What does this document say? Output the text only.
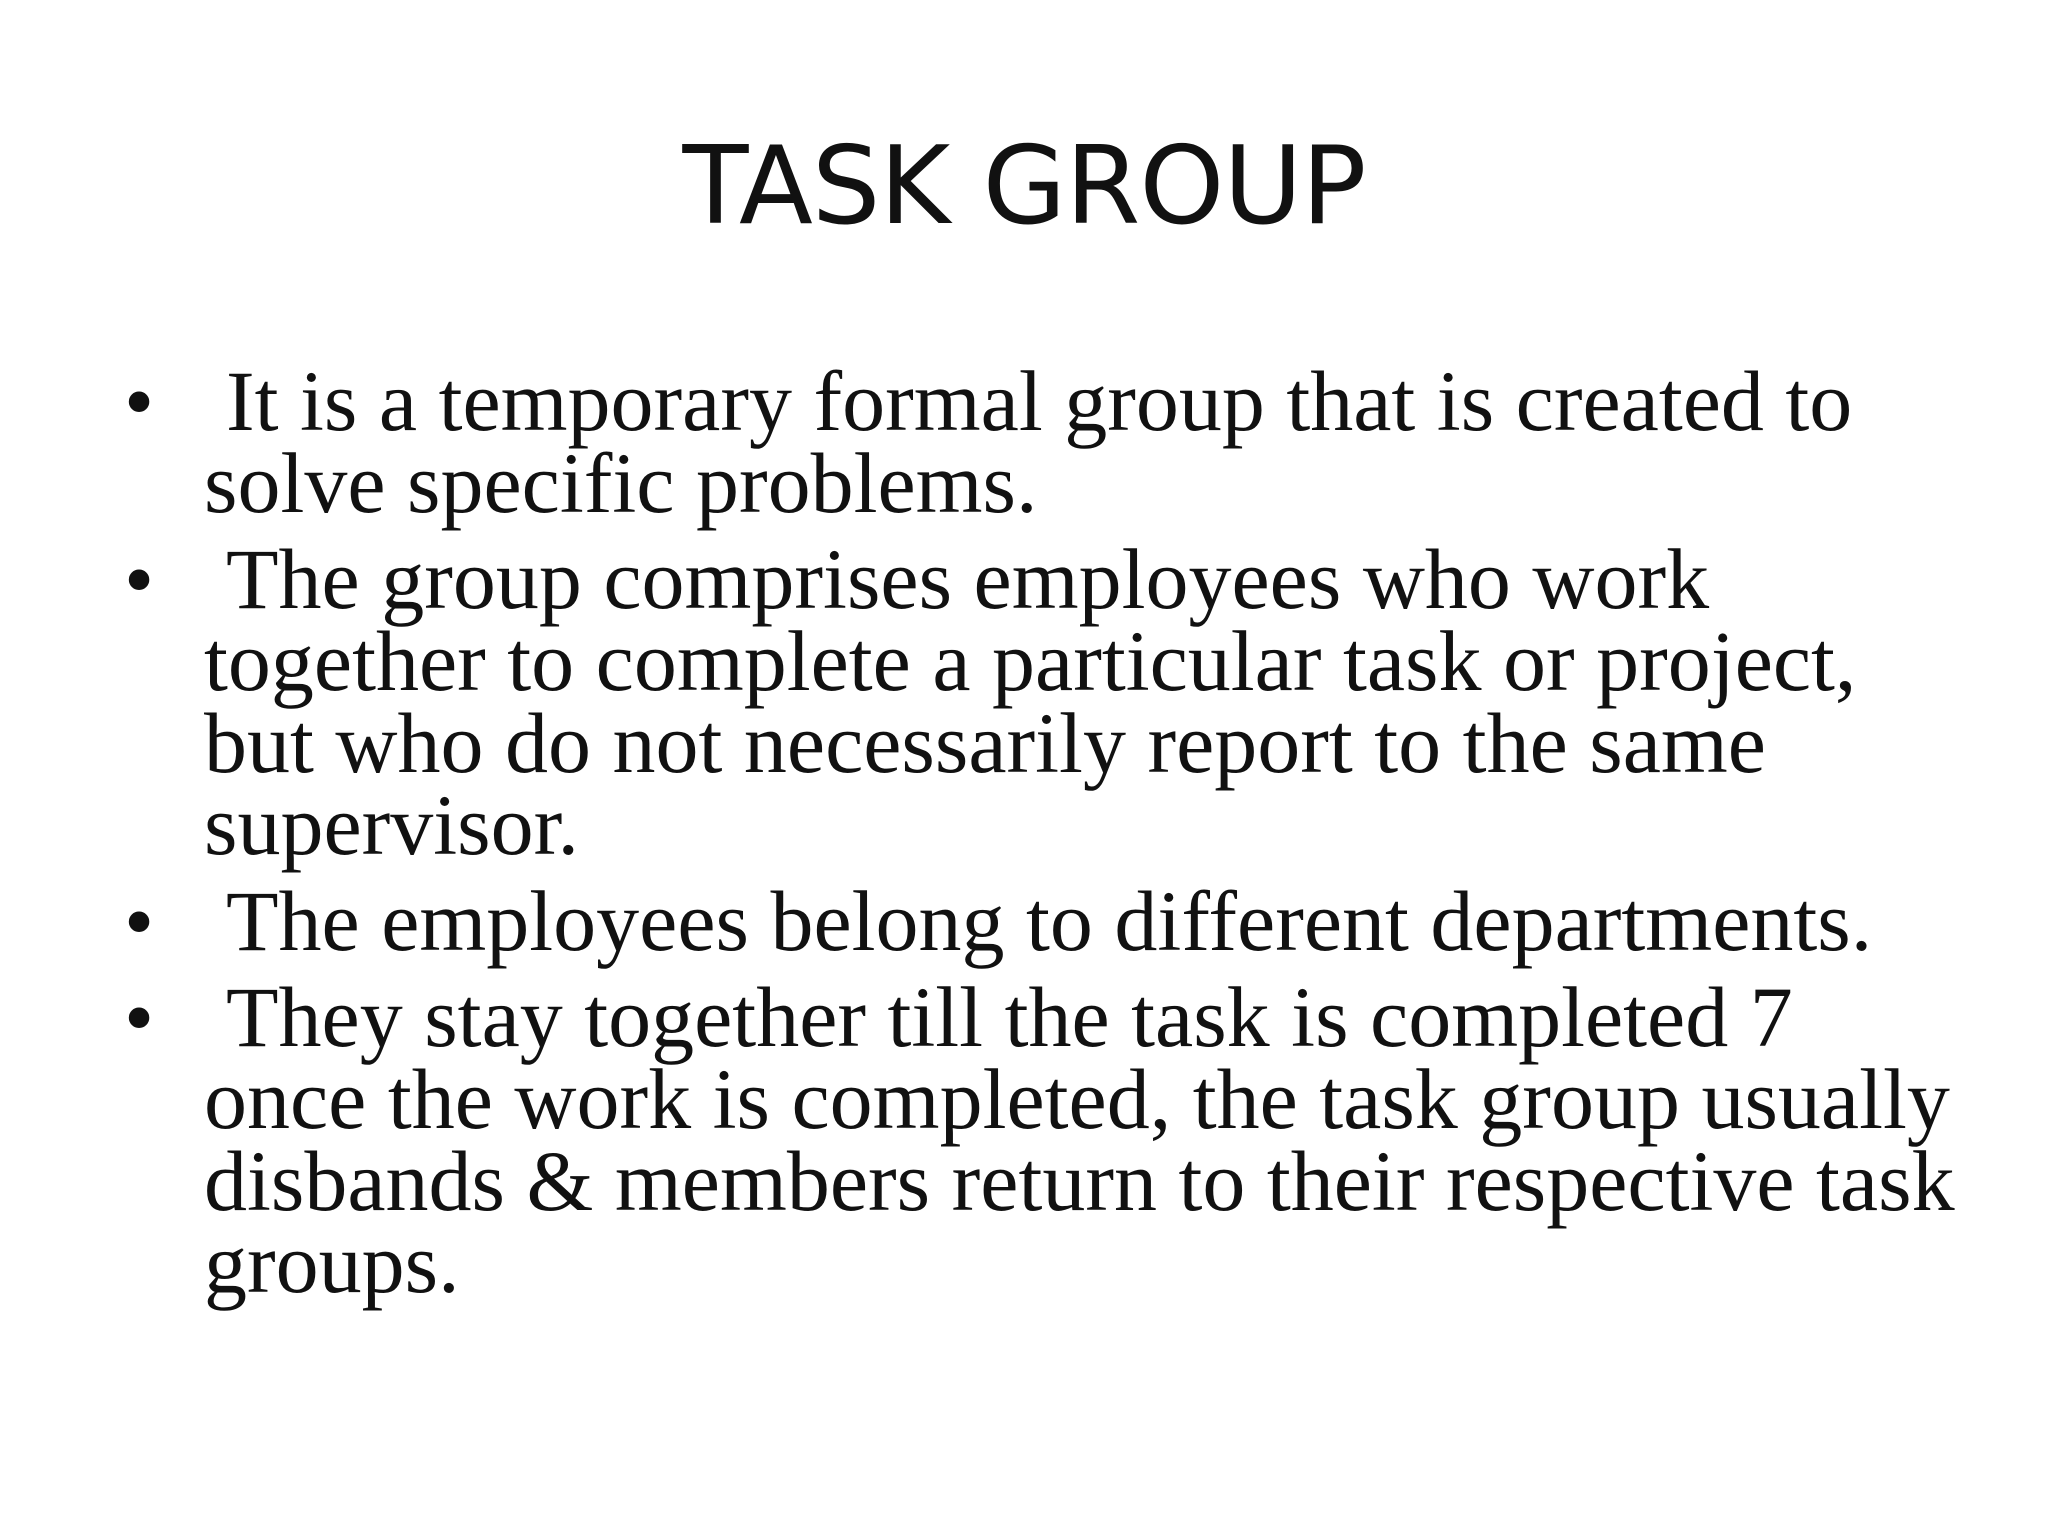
TASK GROUP
• It is a temporary formal group that is created to solve specific problems.
• The group comprises employees who work together to complete a particular task or project, but who do not necessarily report to the same supervisor.
• The employees belong to different departments.
• They stay together till the task is completed 7 once the work is completed, the task group usually disbands & members return to their respective task groups.
